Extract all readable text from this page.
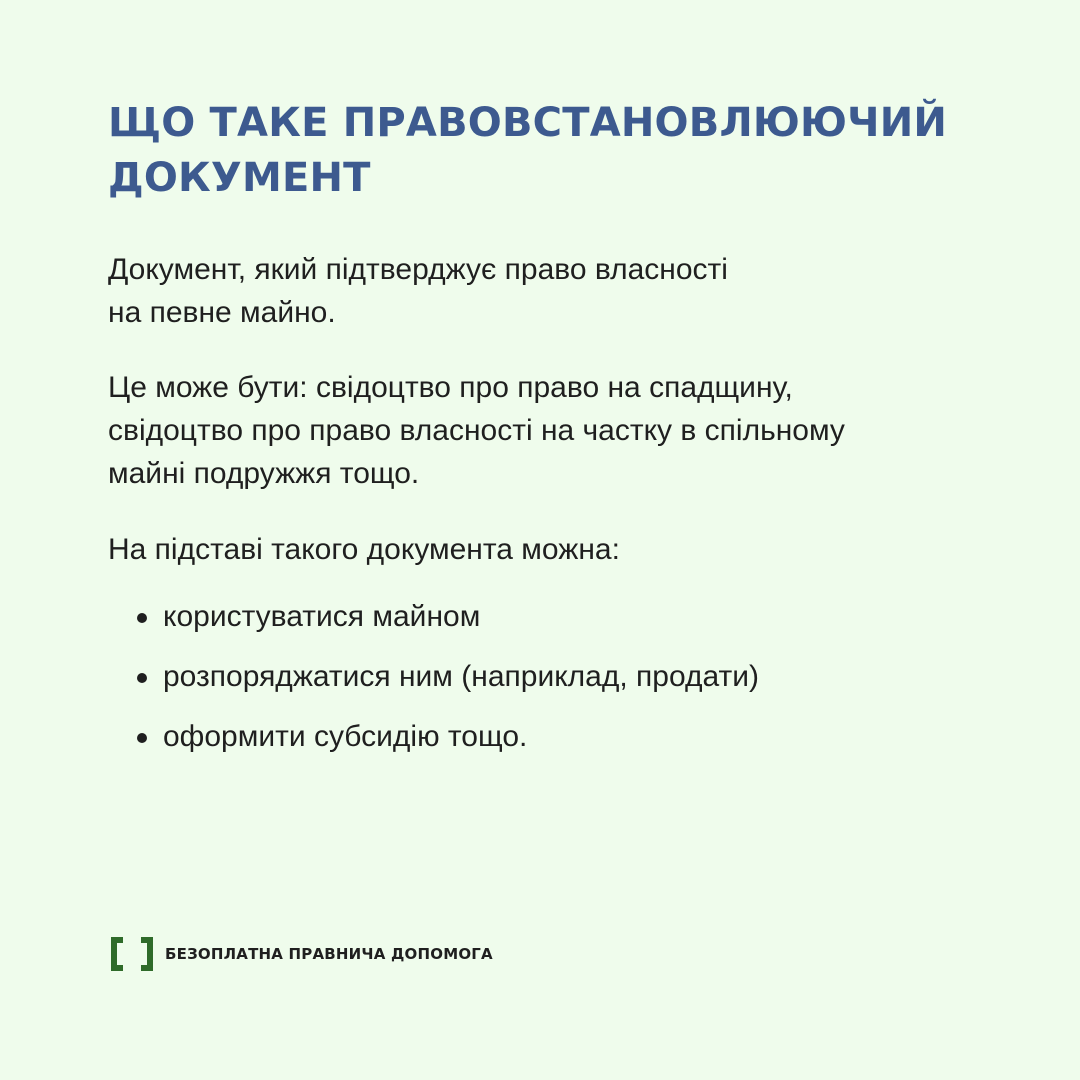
ЩО ТАКЕ ПРАВОВСТАНОВЛЮЮЧИЙ
ДОКУМЕНТ

Документ, який підтверджує право власності
на певне майно.

Це може бути: свідоцтво про право на спадщину,
свідоцтво про право власності на частку в спільному
майні подружжя тощо.

На підставі такого документа можна:

користуватися майном
розпоряджатися ним (наприклад, продати)
оформити субсидію тощо.
БЕЗОПЛАТНА ПРАВНИЧА ДОПОМОГА
